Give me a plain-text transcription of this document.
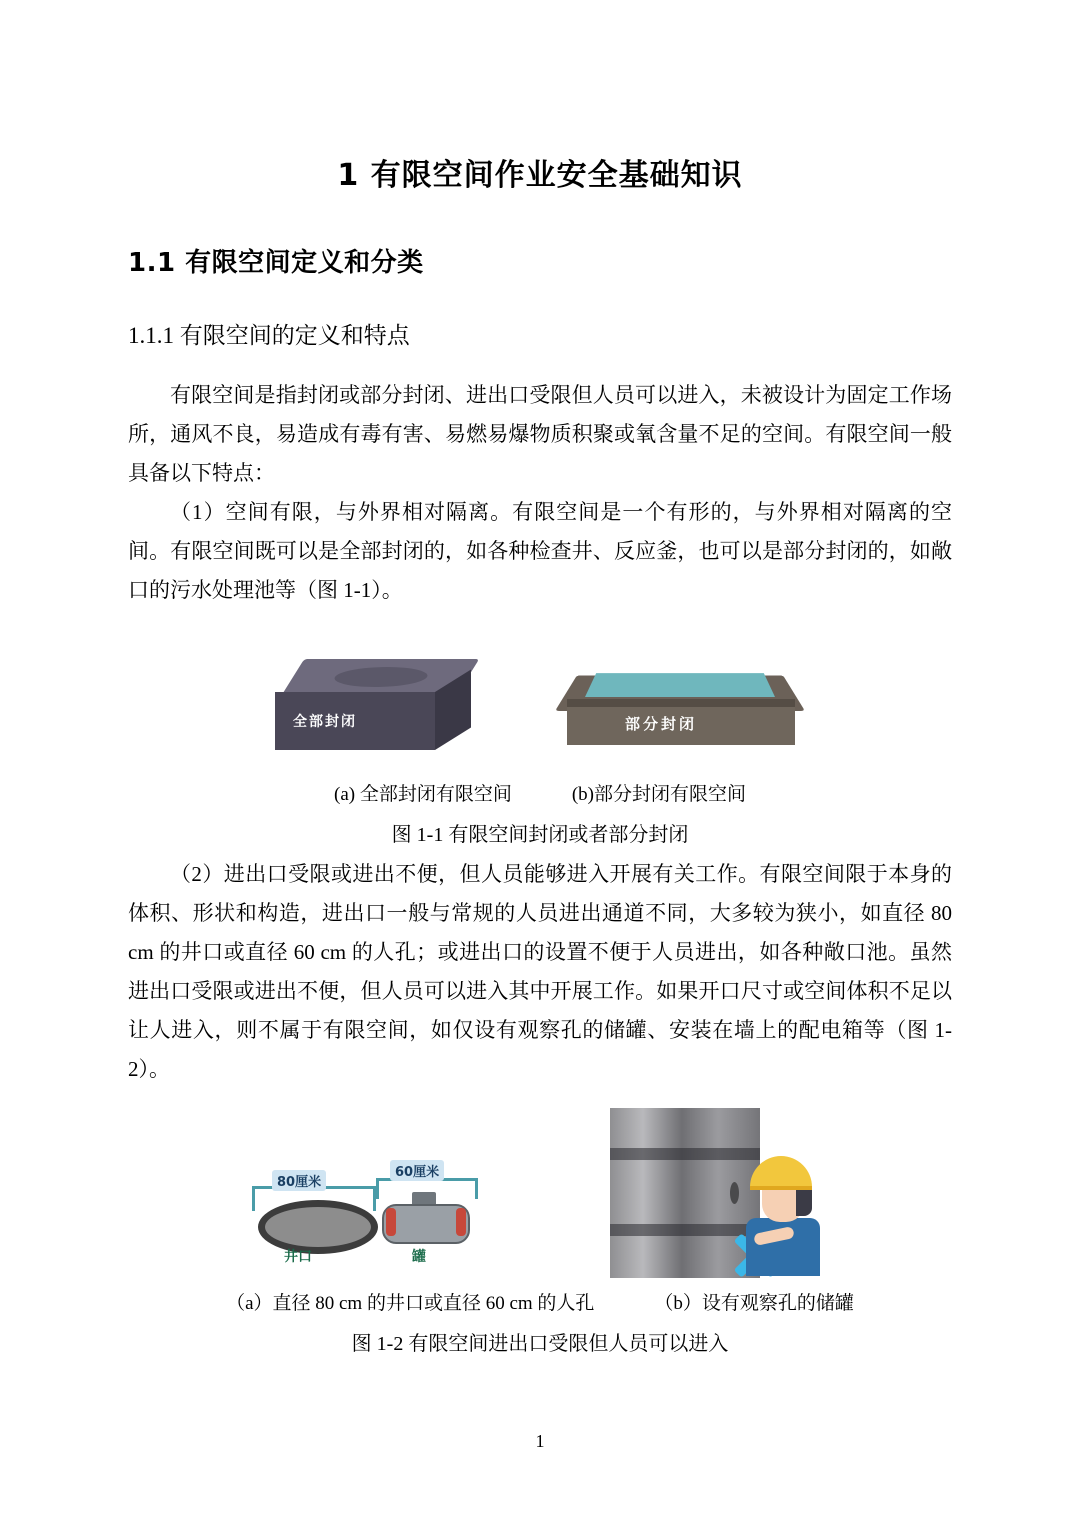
1 有限空间作业安全基础知识
1.1 有限空间定义和分类
1.1.1 有限空间的定义和特点

有限空间是指封闭或部分封闭、进出口受限但人员可以进入，未被设计为固定工作场所，通风不良，易造成有毒有害、易燃易爆物质积聚或氧含量不足的空间。有限空间一般具备以下特点：

（1）空间有限，与外界相对隔离。有限空间是一个有形的，与外界相对隔离的空间。有限空间既可以是全部封闭的，如各种检查井、反应釜，也可以是部分封闭的，如敞口的污水处理池等（图 1-1）。

全部封闭	部分封闭
(a) 全部封闭有限空间	(b)部分封闭有限空间
图 1-1 有限空间封闭或者部分封闭

（2）进出口受限或进出不便，但人员能够进入开展有关工作。有限空间限于本身的体积、形状和构造，进出口一般与常规的人员进出通道不同，大多较为狭小，如直径 80 cm 的井口或直径 60 cm 的人孔；或进出口的设置不便于人员进出，如各种敞口池。虽然进出口受限或进出不便，但人员可以进入其中开展工作。如果开口尺寸或空间体积不足以让人进入，则不属于有限空间，如仅设有观察孔的储罐、安装在墙上的配电箱等（图 1-2）。

80厘米
井口
60厘米
罐
（a）直径 80 cm 的井口或直径 60 cm 的人孔	（b）设有观察孔的储罐
图 1-2 有限空间进出口受限但人员可以进入
1
